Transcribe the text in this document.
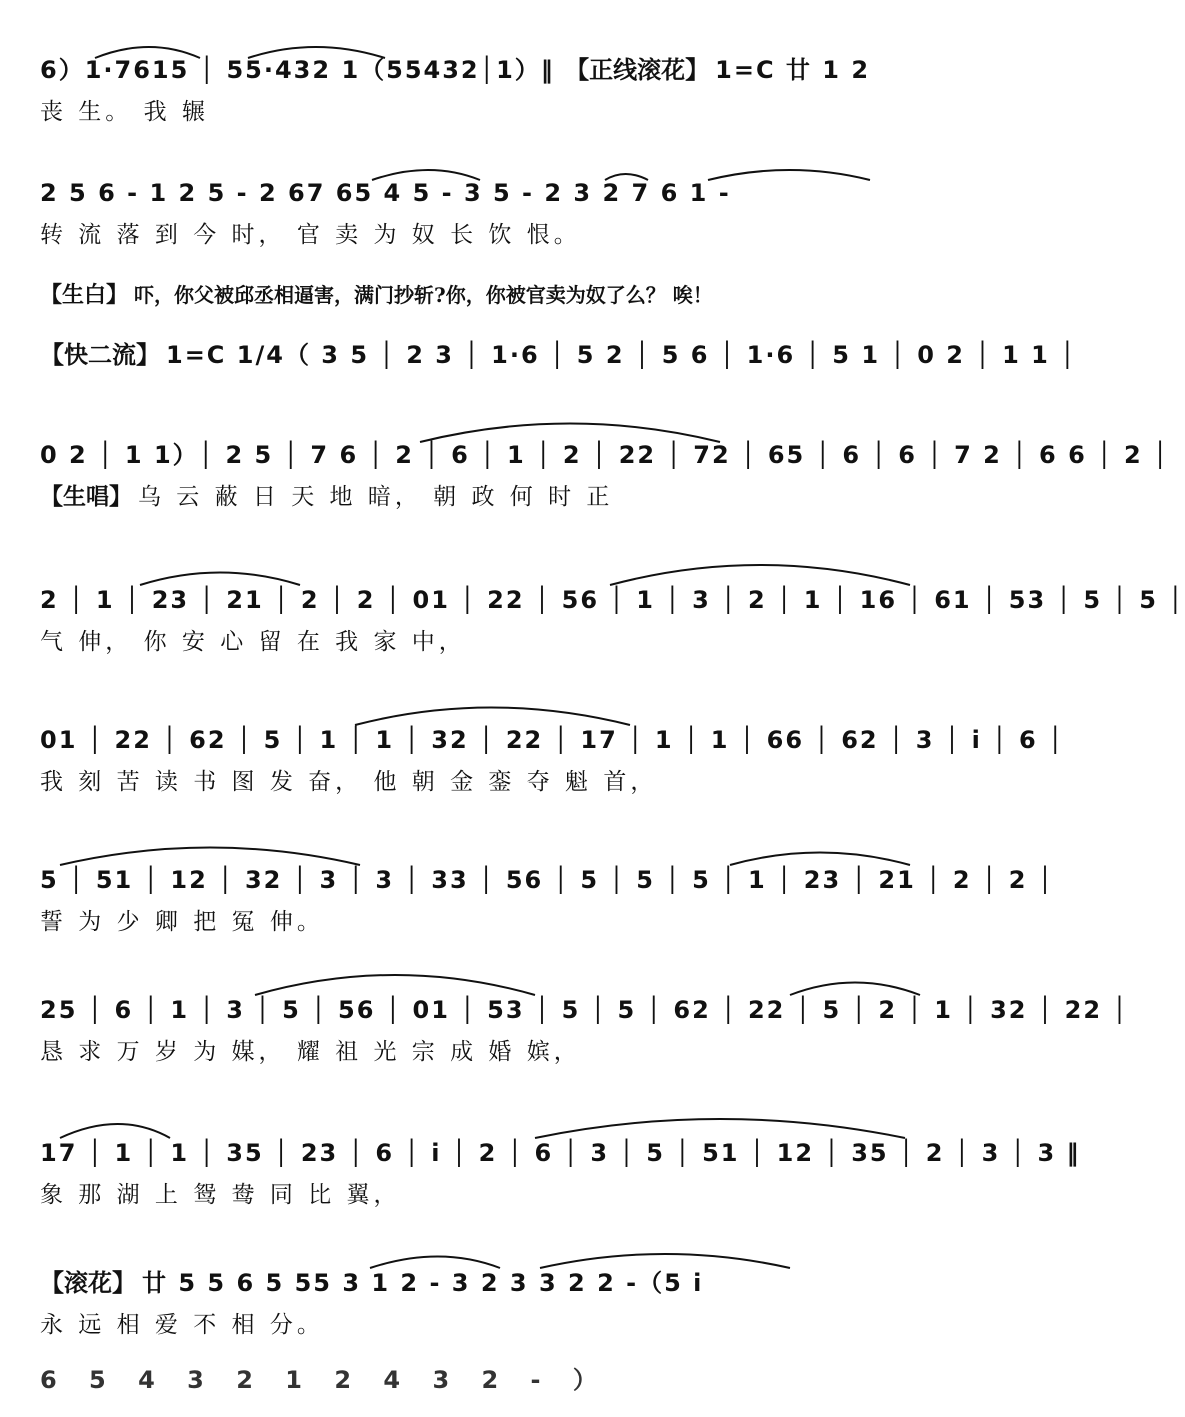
6）1·7615 │ 55·432 1（55432│1）‖ 【正线滚花】 1=C 廿 1 2
丧 生。 我 辗
2 5 6 - 1 2 5 - 2 67 65 4 5 - 3 5 - 2 3 2 7 6 1 -
转 流 落 到 今 时， 官 卖 为 奴 长 饮 恨。
【生白】 吓，你父被邱丞相逼害，满门抄斩?你，你被官卖为奴了么？ 唉！
【快二流】 1=C 1/4（ 3 5 │ 2 3 │ 1·6 │ 5 2 │ 5 6 │ 1·6 │ 5 1 │ 0 2 │ 1 1 │
0 2 │ 1 1）│ 2 5 │ 7 6 │ 2 │ 6 │ 1 │ 2 │ 22 │ 72 │ 65 │ 6 │ 6 │ 7 2 │ 6 6 │ 2 │
【生唱】 乌 云 蔽 日 天 地 暗， 朝 政 何 时 正
2 │ 1 │ 23 │ 21 │ 2 │ 2 │ 01 │ 22 │ 56 │ 1 │ 3 │ 2 │ 1 │ 16 │ 61 │ 53 │ 5 │ 5 │
气 伸， 你 安 心 留 在 我 家 中，
01 │ 22 │ 62 │ 5 │ 1 │ 1 │ 32 │ 22 │ 17 │ 1 │ 1 │ 66 │ 62 │ 3 │ i │ 6 │
我 刻 苦 读 书 图 发 奋， 他 朝 金 銮 夺 魁 首，
5 │ 51 │ 12 │ 32 │ 3 │ 3 │ 33 │ 56 │ 5 │ 5 │ 5 │ 1 │ 23 │ 21 │ 2 │ 2 │
誓 为 少 卿 把 冤 伸。
25 │ 6 │ 1 │ 3 │ 5 │ 56 │ 01 │ 53 │ 5 │ 5 │ 62 │ 22 │ 5 │ 2 │ 1 │ 32 │ 22 │
恳 求 万 岁 为 媒， 耀 祖 光 宗 成 婚 嫔，
17 │ 1 │ 1 │ 35 │ 23 │ 6 │ i │ 2 │ 6 │ 3 │ 5 │ 51 │ 12 │ 35 │ 2 │ 3 │ 3 ‖
象 那 湖 上 鸳 鸯 同 比 翼，
【滚花】 廿 5 5 6 5 55 3 1 2 - 3 2 3 3 2 2 -（5 i
永 远 相 爱 不 相 分。
6 5 4 3 2 1 2 4 3 2 - ）
